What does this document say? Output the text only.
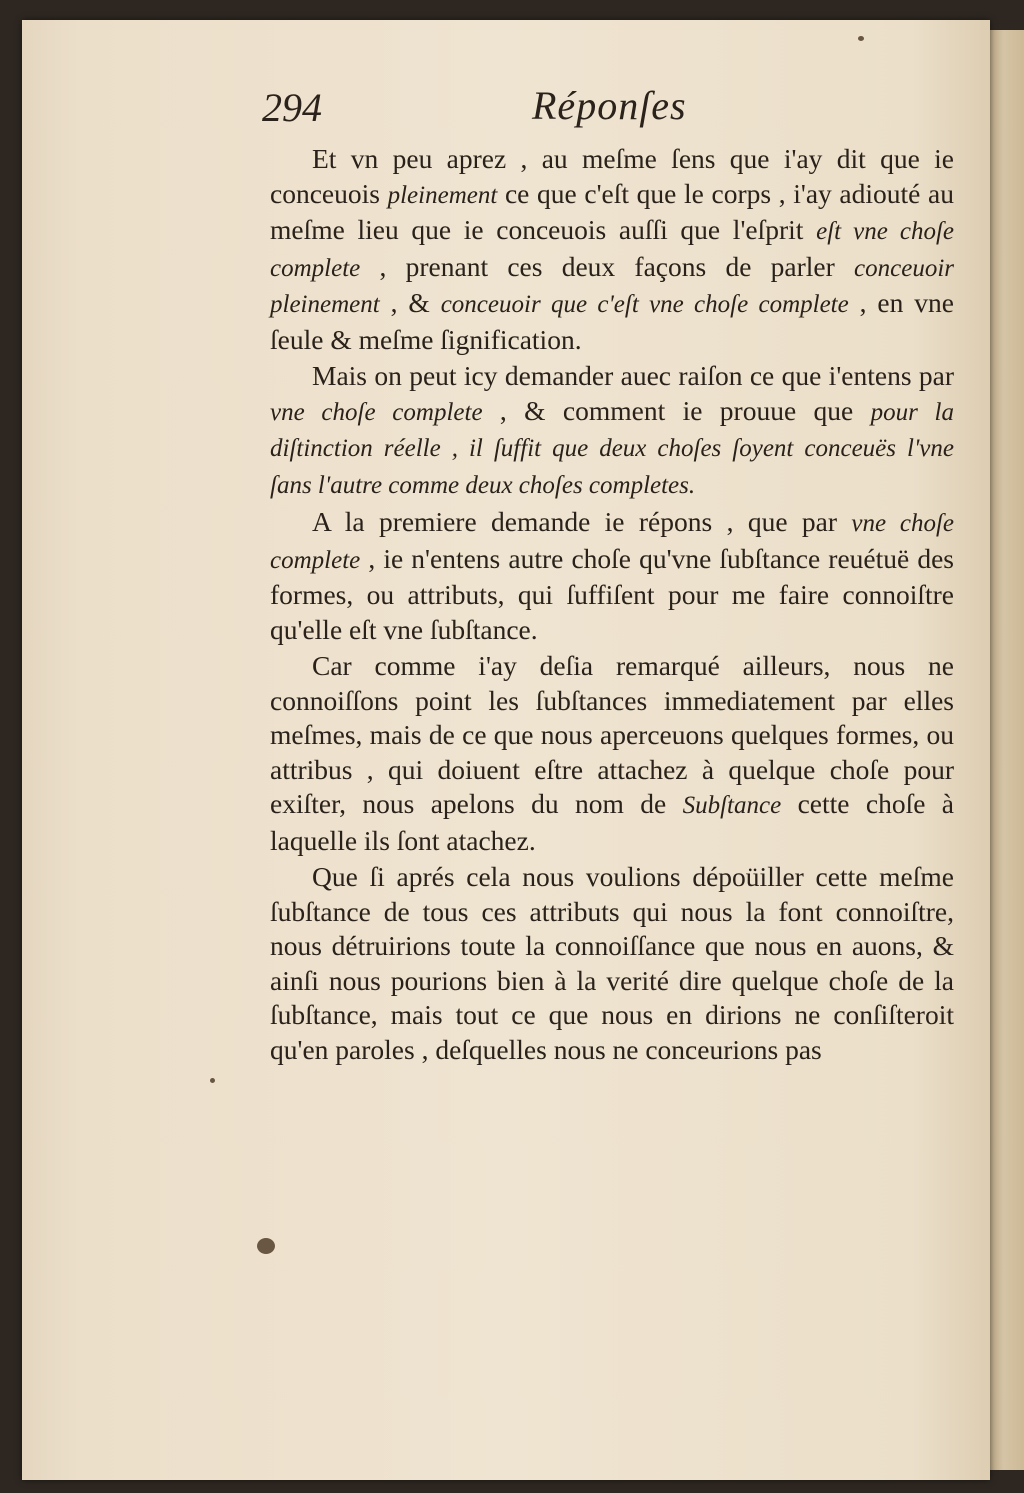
294	Réponſes

Et vn peu aprez , au meſme ſens que i'ay dit que ie conceuois pleinement ce que c'eſt que le corps , i'ay adiouté au meſme lieu que ie conceuois auſſi que l'eſprit eſt vne choſe complete , prenant ces deux façons de parler conceuoir pleinement , & conceuoir que c'eſt vne choſe complete , en vne ſeule & meſme ſignification.

Mais on peut icy demander auec raiſon ce que i'entens par vne choſe complete , & comment ie prouue que pour la diſtinction réelle , il ſuffit que deux choſes ſoyent conceuës l'vne ſans l'autre comme deux choſes completes.

A la premiere demande ie répons , que par vne choſe complete , ie n'entens autre choſe qu'vne ſubſtance reuétuë des formes, ou attributs, qui ſuffiſent pour me faire connoiſtre qu'elle eſt vne ſubſtance.

Car comme i'ay deſia remarqué ailleurs, nous ne connoiſſons point les ſubſtances immediatement par elles meſmes, mais de ce que nous aperceuons quelques formes, ou attribus , qui doiuent eſtre attachez à quelque choſe pour exiſter, nous apelons du nom de Subſtance cette choſe à laquelle ils ſont atachez.

Que ſi aprés cela nous voulions dépoüiller cette meſme ſubſtance de tous ces attributs qui nous la font connoiſtre, nous détruirions toute la connoiſſance que nous en auons, & ainſi nous pourions bien à la verité dire quelque choſe de la ſubſtance, mais tout ce que nous en dirions ne conſiſteroit qu'en paroles , deſquelles nous ne conceurions pas
